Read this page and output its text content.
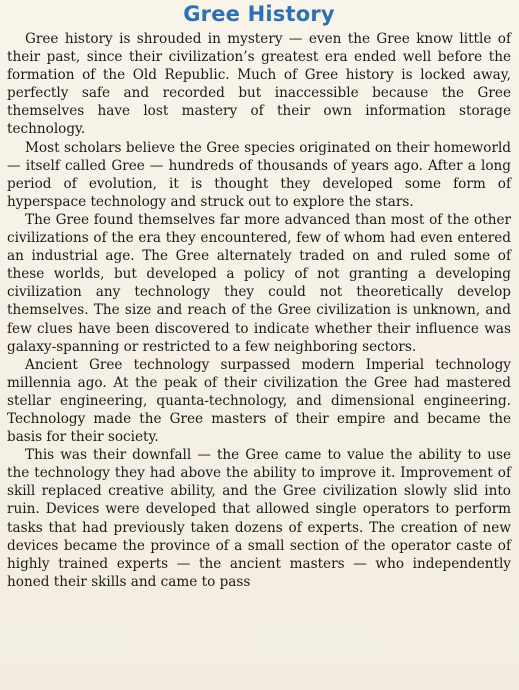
Gree History

Gree history is shrouded in mystery — even the Gree know little of their past, since their civilization’s greatest era ended well before the formation of the Old Republic. Much of Gree history is locked away, perfectly safe and recorded but inaccessible because the Gree themselves have lost mastery of their own information storage technology.

Most scholars believe the Gree species originated on their homeworld — itself called Gree — hundreds of thousands of years ago. After a long period of evolution, it is thought they developed some form of hyperspace technology and struck out to explore the stars.

The Gree found themselves far more advanced than most of the other civilizations of the era they encountered, few of whom had even entered an industrial age. The Gree alternately traded on and ruled some of these worlds, but developed a policy of not granting a developing civilization any technology they could not theoretically develop themselves. The size and reach of the Gree civilization is unknown, and few clues have been discovered to indicate whether their influence was galaxy-spanning or restricted to a few neighboring sectors.

Ancient Gree technology surpassed modern Imperial technology millennia ago. At the peak of their civilization the Gree had mastered stellar engineering, quanta-technology, and dimensional engineering. Technology made the Gree masters of their empire and became the basis for their society.

This was their downfall — the Gree came to value the ability to use the technology they had above the ability to improve it. Improvement of skill replaced creative ability, and the Gree civilization slowly slid into ruin. Devices were developed that allowed single operators to perform tasks that had previously taken dozens of experts. The creation of new devices became the province of a small section of the operator caste of highly trained experts — the ancient masters — who independently honed their skills and came to pass
